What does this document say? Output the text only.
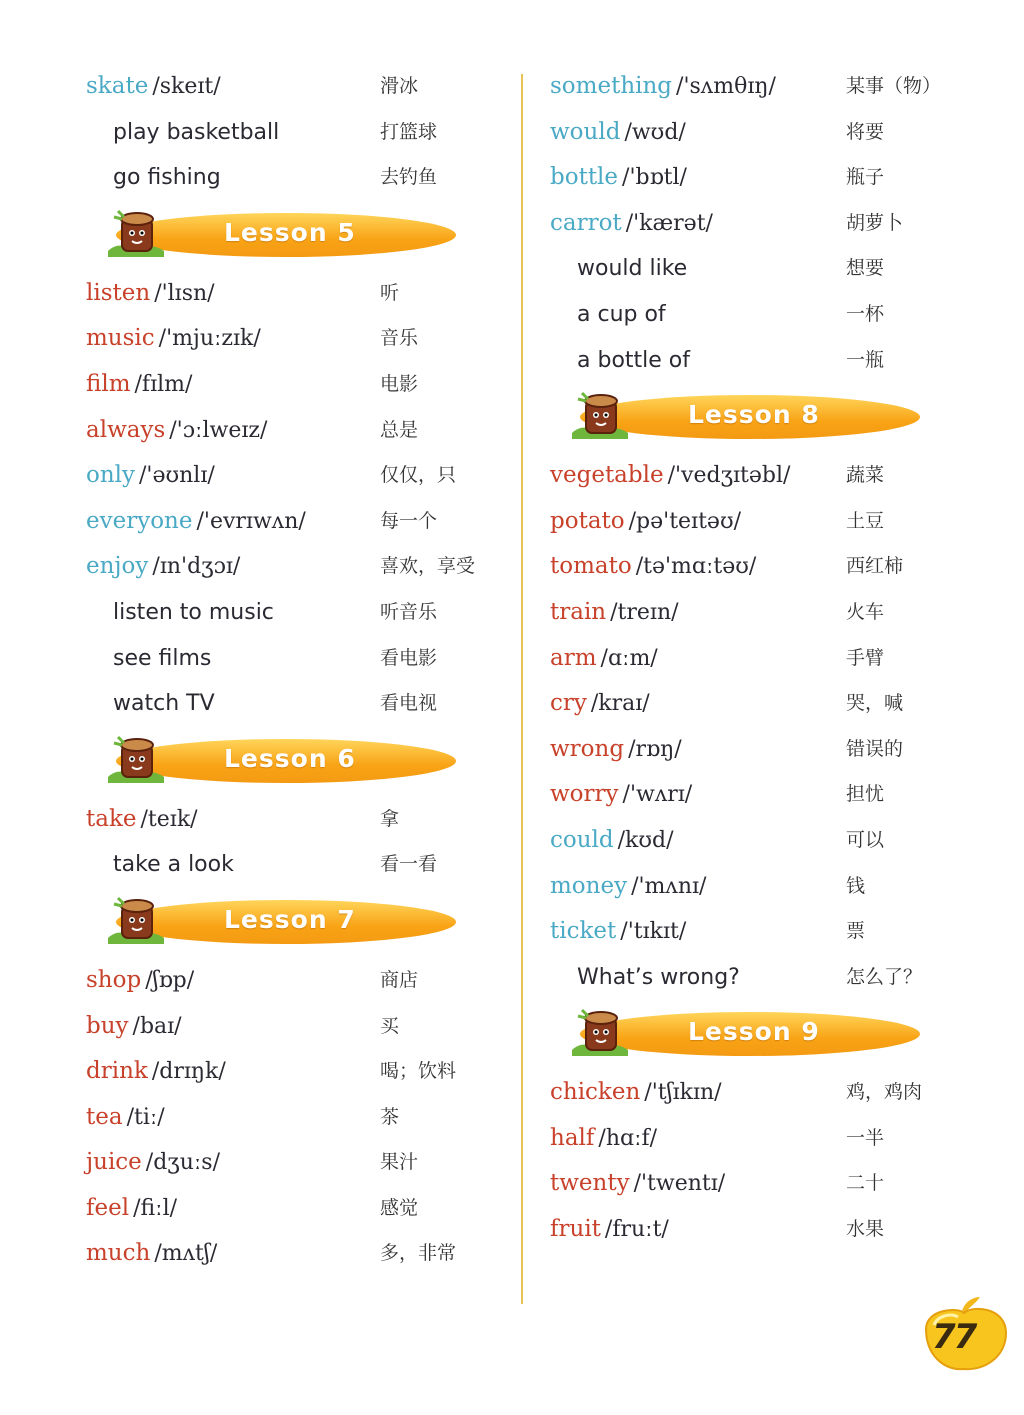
skate /skeɪt/	滑冰
play basketball	打篮球
go fishing	去钓鱼
Lesson 5
listen /'lɪsn/	听
music /'mjuːzɪk/	音乐
film /fɪlm/	电影
always /'ɔːlweɪz/	总是
only /'əʊnlɪ/	仅仅，只
everyone /'evrɪwʌn/	每一个
enjoy /ɪn'dʒɔɪ/	喜欢，享受
listen to music	听音乐
see films	看电影
watch TV	看电视
Lesson 6
take /teɪk/	拿
take a look	看一看
Lesson 7
shop /ʃɒp/	商店
buy /baɪ/	买
drink /drɪŋk/	喝；饮料
tea /tiː/	茶
juice /dʒuːs/	果汁
feel /fiːl/	感觉
much /mʌtʃ/	多，非常
something /'sʌmθɪŋ/	某事（物）
would /wʊd/	将要
bottle /'bɒtl/	瓶子
carrot /'kærət/	胡萝卜
would like	想要
a cup of	一杯
a bottle of	一瓶
Lesson 8
vegetable /'vedʒɪtəbl/	蔬菜
potato /pə'teɪtəʊ/	土豆
tomato /tə'mɑːtəʊ/	西红柿
train /treɪn/	火车
arm /ɑːm/	手臂
cry /kraɪ/	哭，喊
wrong /rɒŋ/	错误的
worry /'wʌrɪ/	担忧
could /kʊd/	可以
money /'mʌnɪ/	钱
ticket /'tɪkɪt/	票
What’s wrong?	怎么了？
Lesson 9
chicken /'tʃɪkɪn/	鸡，鸡肉
half /hɑːf/	一半
twenty /'twentɪ/	二十
fruit /fruːt/	水果
77
